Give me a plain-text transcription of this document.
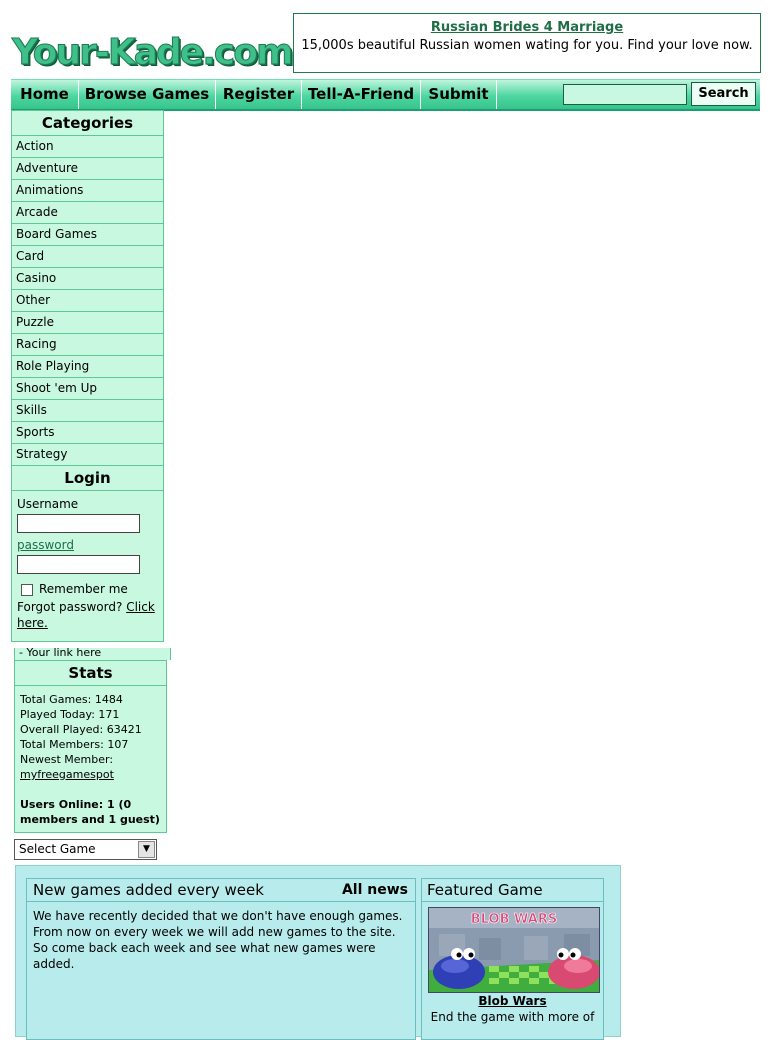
Your-Kade.com
Russian Brides 4 Marriage
15,000s beautiful Russian women wating for you. Find your love now.
Home	Browse Games Register Tell-A-Friend Submit	Search
Categories
Action
Adventure
Animations
Arcade
Board Games
Card
Casino
Other
Puzzle
Racing
Role Playing
Shoot 'em Up
Skills
Sports
Strategy
Login
Username
password
Remember me
Forgot password? Click here.
- Your link here
Stats
Total Games: 1484
Played Today: 171
Overall Played: 63421
Total Members: 107
Newest Member:
myfreegamespot
Users Online: 1 (0 members and 1 guest)
Select Game	▼
New games added every week	All news
We have recently decided that we don't have enough games. From now on every week we will add new games to the site. So come back each week and see what new games were added.
Featured Game
BLOB WARS
Blob Wars
End the game with more of
